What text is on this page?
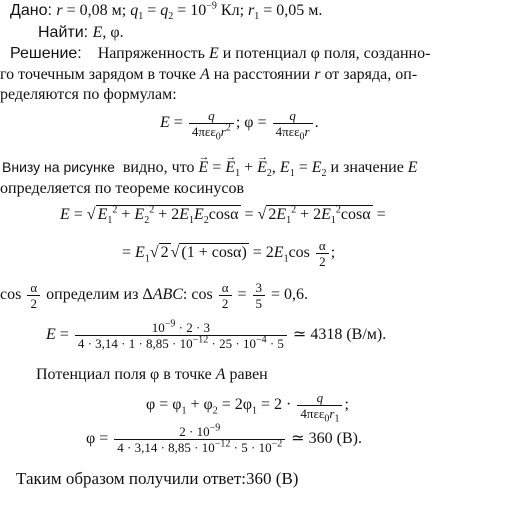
Дано: r = 0,08 м; $q_1 = q_2 = 10^{-9}$ Кл; $r_1 = 0,05$ м.
Найти: E, φ.
Решение:    Напряженность E и потенциал φ поля, созданно-
го точечным зарядом в точке A на расстоянии r от заряда, оп-
ределяются по формулам:
$E = \frac{q}{4\pi\varepsilon\varepsilon_0r^2}$ ; $\varphi = \frac{q}{4\pi\varepsilon\varepsilon_0r}$ .
Внизу на рисунке  видно, что → E = → $E_1$ + → $E_2$, $E_1 = E_2$ и значение E
определяется по теореме косинусов
E = √ $E_1^2 + E_2^2 + 2E_1E_2\cos\alpha$ = √ $2E_1^2 + 2E_1^2\cos\alpha$ =
= $E_1√$ 2 √ $(1 + \cos\alpha) = 2E_1\cos \frac{\alpha}{2}$ ;
$\cos \frac{\alpha}{2}$ определим из ΔABC: $\cos \frac{\alpha}{2} = \frac{3}{5} = 0,6$.
$E = \frac{10^{-9} \cdot 2 \cdot 3}{4 \cdot 3,14 \cdot 1 \cdot 8,85 \cdot 10^{-12} \cdot 25 \cdot 10^{-4} \cdot 5}$ ≃ 4318 (В/м).
Потенциал поля φ в точке A равен
$\varphi = \varphi_1 + \varphi_2 = 2\varphi_1 = 2 \cdot \frac{q}{4\pi\varepsilon\varepsilon_0r_1}$ ;
$\varphi = \frac{2 \cdot 10^{-9}}{4 \cdot 3,14 \cdot 8,85 \cdot 10^{-12} \cdot 5 \cdot 10^{-2}}$ ≃ 360 (В).
Таким образом получили ответ:360 (В)
